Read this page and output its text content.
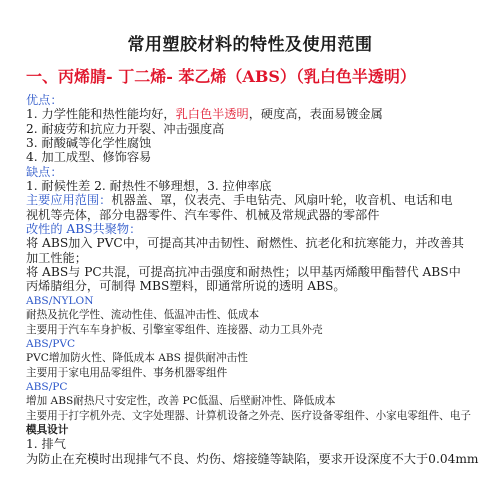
常用塑胶材料的特性及使用范围
一、丙烯腈- 丁二烯- 苯乙烯（ABS）（乳白色半透明）
优点：
1. 力学性能和热性能均好，乳白色半透明，硬度高，表面易镀金属
2. 耐疲劳和抗应力开裂、冲击强度高
3. 耐酸碱等化学性腐蚀
4. 加工成型、修饰容易
缺点：
1. 耐候性差 2. 耐热性不够理想，3. 拉伸率底
主要应用范围：机器盖、罩，仪表壳、手电钻壳、风扇叶轮，收音机、电话和电
视机等壳体，部分电器零件、汽车零件、机械及常规武器的零部件
改性的 ABS共聚物：
将 ABS加入 PVC中，可提高其冲击韧性、耐燃性、抗老化和抗寒能力，并改善其
加工性能；
将 ABS与 PC共混，可提高抗冲击强度和耐热性；以甲基丙烯酸甲酯替代 ABS中
丙烯腈组分，可制得 MBS塑料，即通常所说的透明 ABS。
ABS/NYLON
耐热及抗化学性、流动性佳、低温冲击性、低成本
主要用于汽车车身护板、引擎室零组件、连接器、动力工具外壳
ABS/PVC
PVC增加防火性、降低成本 ABS 提供耐冲击性
主要用于家电用品零组件、事务机器零组件
ABS/PC
增加 ABS耐热尺寸安定性，改善 PC低温、后壁耐冲性、降低成本
主要用于打字机外壳、文字处理器、计算机设备之外壳、医疗设备零组件、小家电零组件、电子
模具设计
1. 排气
为防止在充模时出现排气不良、灼伤、熔接缝等缺陷，要求开设深度不大于0.04mm
